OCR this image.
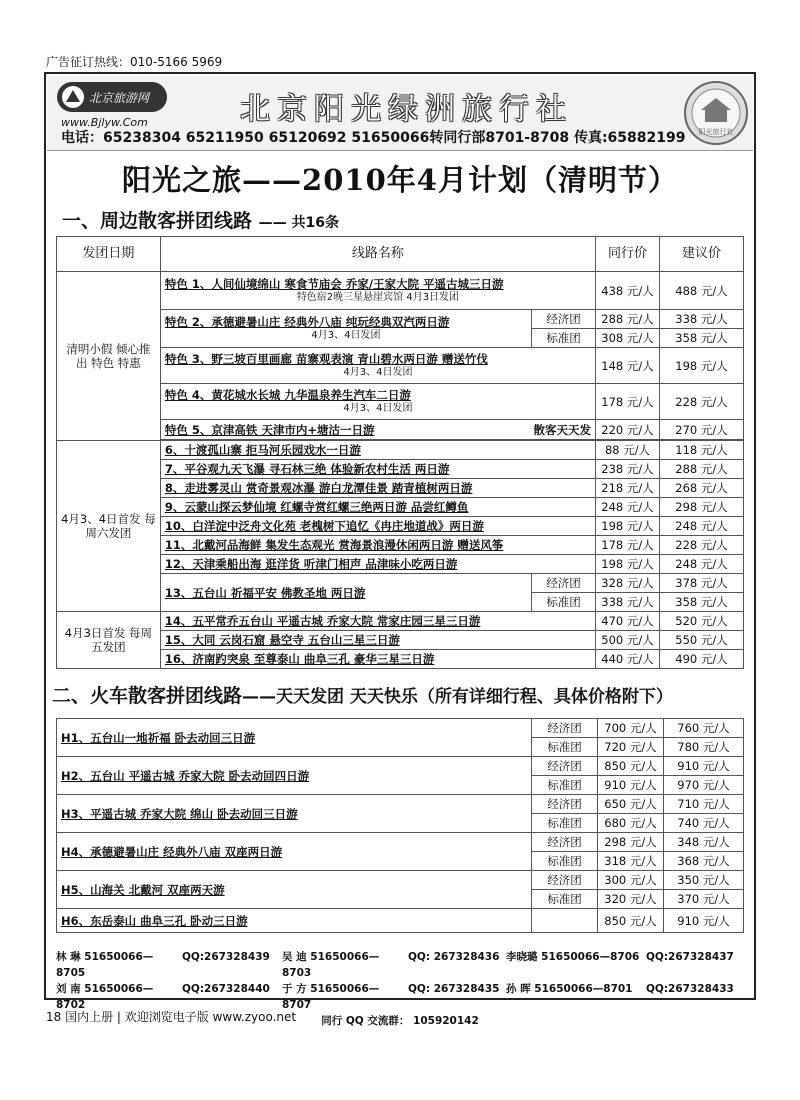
广告征订热线：010-5166 5969
北京旅游网
www.Bjlyw.Com	北京阳光绿洲旅行社
电话：65238304 65211950 65120692 51650066转同行部8701-8708 传真:65882199 阳光旅行社
阳光之旅——2010年4月计划（清明节）
一、周边散客拼团线路 —— 共16条
发团日期	线路名称		同行价	建议价
清明小假 倾心推出 特色 特惠	特色 1、人间仙境绵山 寒食节庙会 乔家/王家大院 平遥古城三日游
特色宿2晚三星悬崖宾馆 4月3日发团		438 元/人	488 元/人
	特色 2、承德避暑山庄 经典外八庙 纯玩经典双汽两日游
4月3、4日发团	经济团	288 元/人	338 元/人
		标准团	308 元/人	358 元/人
	特色 3、野三坡百里画廊 苗寨观表演 青山碧水两日游 赠送竹伐
4月3、4日发团		148 元/人	198 元/人
	特色 4、黄花城水长城 九华温泉养生汽车二日游
4月3、4日发团		178 元/人	228 元/人
	特色 5、京津高铁 天津市内+塘沽一日游 散客天天发		220 元/人	270 元/人

4月3、4日首发 每周六发团	6、十渡孤山寨 拒马河乐园戏水一日游		88 元/人	118 元/人
	7、平谷观九天飞瀑 寻石林三绝 体验新农村生活 两日游		238 元/人	288 元/人
	8、走进雾灵山 赏奇景观冰瀑 游白龙潭佳景 踏青植树两日游		218 元/人	268 元/人
	9、云蒙山探云梦仙境 红螺寺赏红螺三绝两日游 品尝红鳟鱼		248 元/人	298 元/人
	10、白洋淀中泛舟文化苑 老槐树下追忆《冉庄地道战》两日游		198 元/人	248 元/人
	11、北戴河品海鲜 集发生态观光 赏海景浪漫休闲两日游 赠送风筝		178 元/人	228 元/人
	12、天津乘船出海 逛洋货 听津门相声 品津味小吃两日游		198 元/人	248 元/人
	13、五台山 祈福平安 佛教圣地 两日游	经济团	328 元/人	378 元/人
		标准团	338 元/人	358 元/人
4月3日首发 每周五发团	14、五平常乔五台山 平遥古城 乔家大院 常家庄园三星三日游		470 元/人	520 元/人
	15、大同 云岗石窟 悬空寺 五台山三星三日游		500 元/人	550 元/人
	16、济南趵突泉 至尊泰山 曲阜三孔 豪华三星三日游		440 元/人	490 元/人
二、火车散客拼团线路——天天发团 天天快乐（所有详细行程、具体价格附下）
H1、五台山一地祈福 卧去动回三日游	经济团	700 元/人	760 元/人
	标准团	720 元/人	780 元/人
H2、五台山 平遥古城 乔家大院 卧去动回四日游	经济团	850 元/人	910 元/人
	标准团	910 元/人	970 元/人
H3、平遥古城 乔家大院 绵山 卧去动回三日游	经济团	650 元/人	710 元/人
	标准团	680 元/人	740 元/人
H4、承德避暑山庄 经典外八庙 双座两日游	经济团	298 元/人	348 元/人
	标准团	318 元/人	368 元/人
H5、山海关 北戴河 双座两天游	经济团	300 元/人	350 元/人
	标准团	320 元/人	370 元/人
H6、东岳泰山 曲阜三孔 卧动三日游		850 元/人	910 元/人
林 琳 51650066—8705
QQ:267328439	吴 迪 51650066—8703
QQ: 267328436 李晓璐 51650066—8706 QQ:267328437
刘 南 51650066—8702
QQ:267328440	于 方 51650066—8707
QQ: 267328435 孙 晖 51650066—8701	QQ:267328433
同行 QQ 交流群： 105920142
18 国内上册 | 欢迎浏览电子版 www.zyoo.net
